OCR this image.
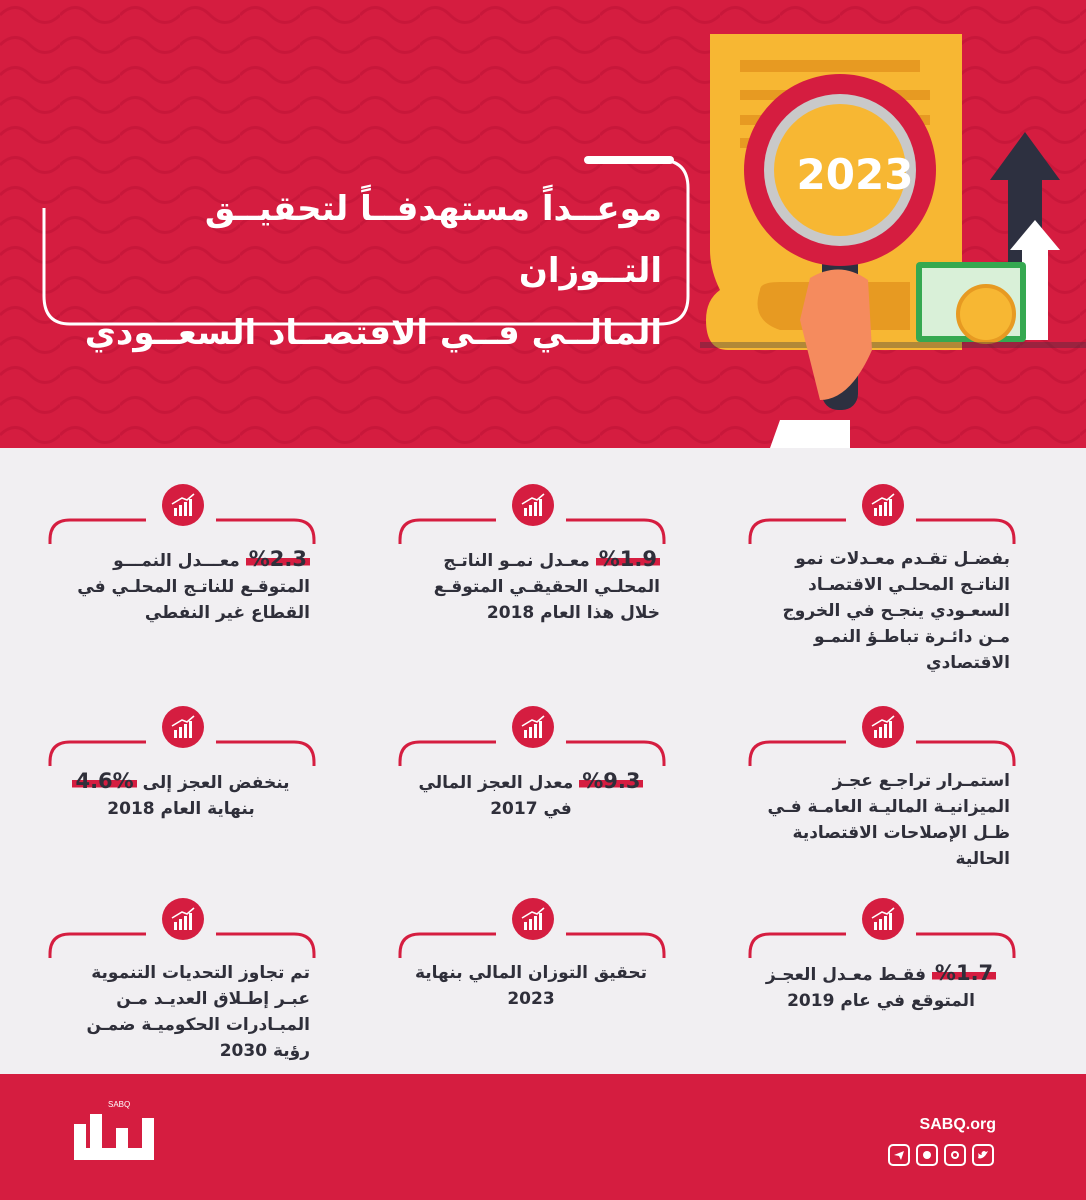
موعــداً مستهدفــاً لتحقيــق التــوزان
المالــي فــي الاقتصــاد السعــودي
2023
بفضـل تقـدم معـدلات نمو الناتـج المحلـي الاقتصـاد السعـودي ينجـح في الخروج مـن دائـرة تباطـؤ النمـو الاقتصادي
%1.9 معـدل نمـو الناتـج المحلـي الحقيقـي المتوقـع خلال هذا العام 2018
%2.3 معـــدل النمـــو المتوقـع للناتـج المحلـي في القطاع غير النفطي
استمـرار تراجـع عجـز الميزانيـة الماليـة العامـة فـي ظـل الإصلاحات الاقتصادية الحالية
%9.3 معدل العجز المالي في 2017
ينخفض العجز إلى %4.6
بنهاية العام 2018
%1.7 فقـط معـدل العجـز المتوقع في عام 2019
تحقيق التوزان المالي بنهاية 2023
تم تجاوز التحديات التنموية عبـر إطـلاق العديـد مـن المبـادرات الحكوميـة ضمـن رؤية 2030
SABQ
SABQ.org
